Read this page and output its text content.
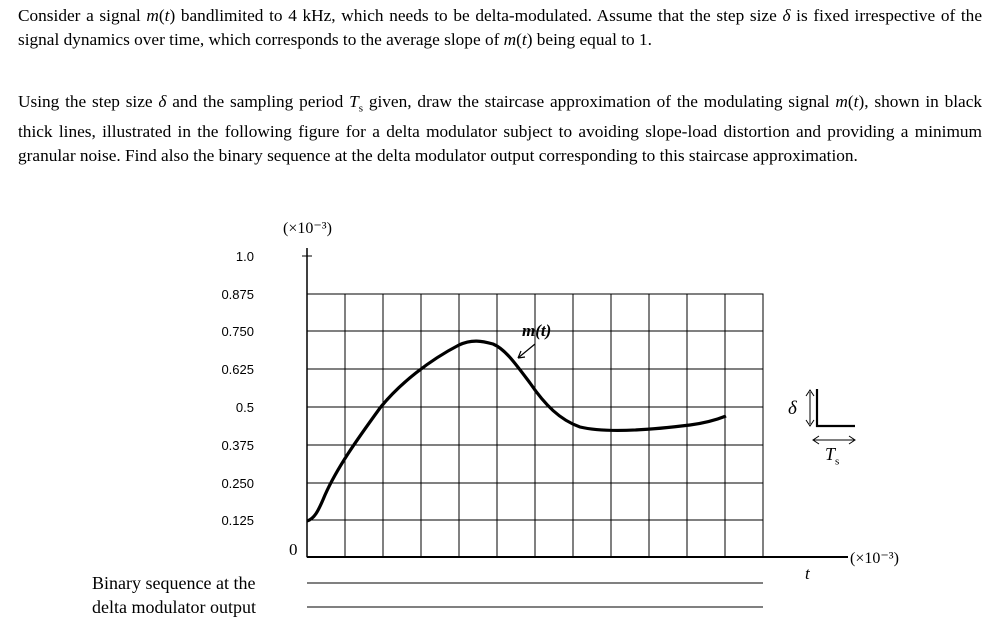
Consider a signal m(t) bandlimited to 4 kHz, which needs to be delta-modulated. Assume that the step size δ is fixed irrespective of the signal dynamics over time, which corresponds to the average slope of m(t) being equal to 1.
Using the step size δ and the sampling period $T_s$ given, draw the staircase approximation of the modulating signal m(t), shown in black thick lines, illustrated in the following figure for a delta modulator subject to avoiding slope-load distortion and providing a minimum granular noise. Find also the binary sequence at the delta modulator output corresponding to this staircase approximation.
1.0
0.875
0.750
0.625
0.5
0.375
0.250
0.125
(×10⁻³)
(×10⁻³)
0
t
m(t)
δ
$T_s$
Binary sequence at the
delta modulator output
